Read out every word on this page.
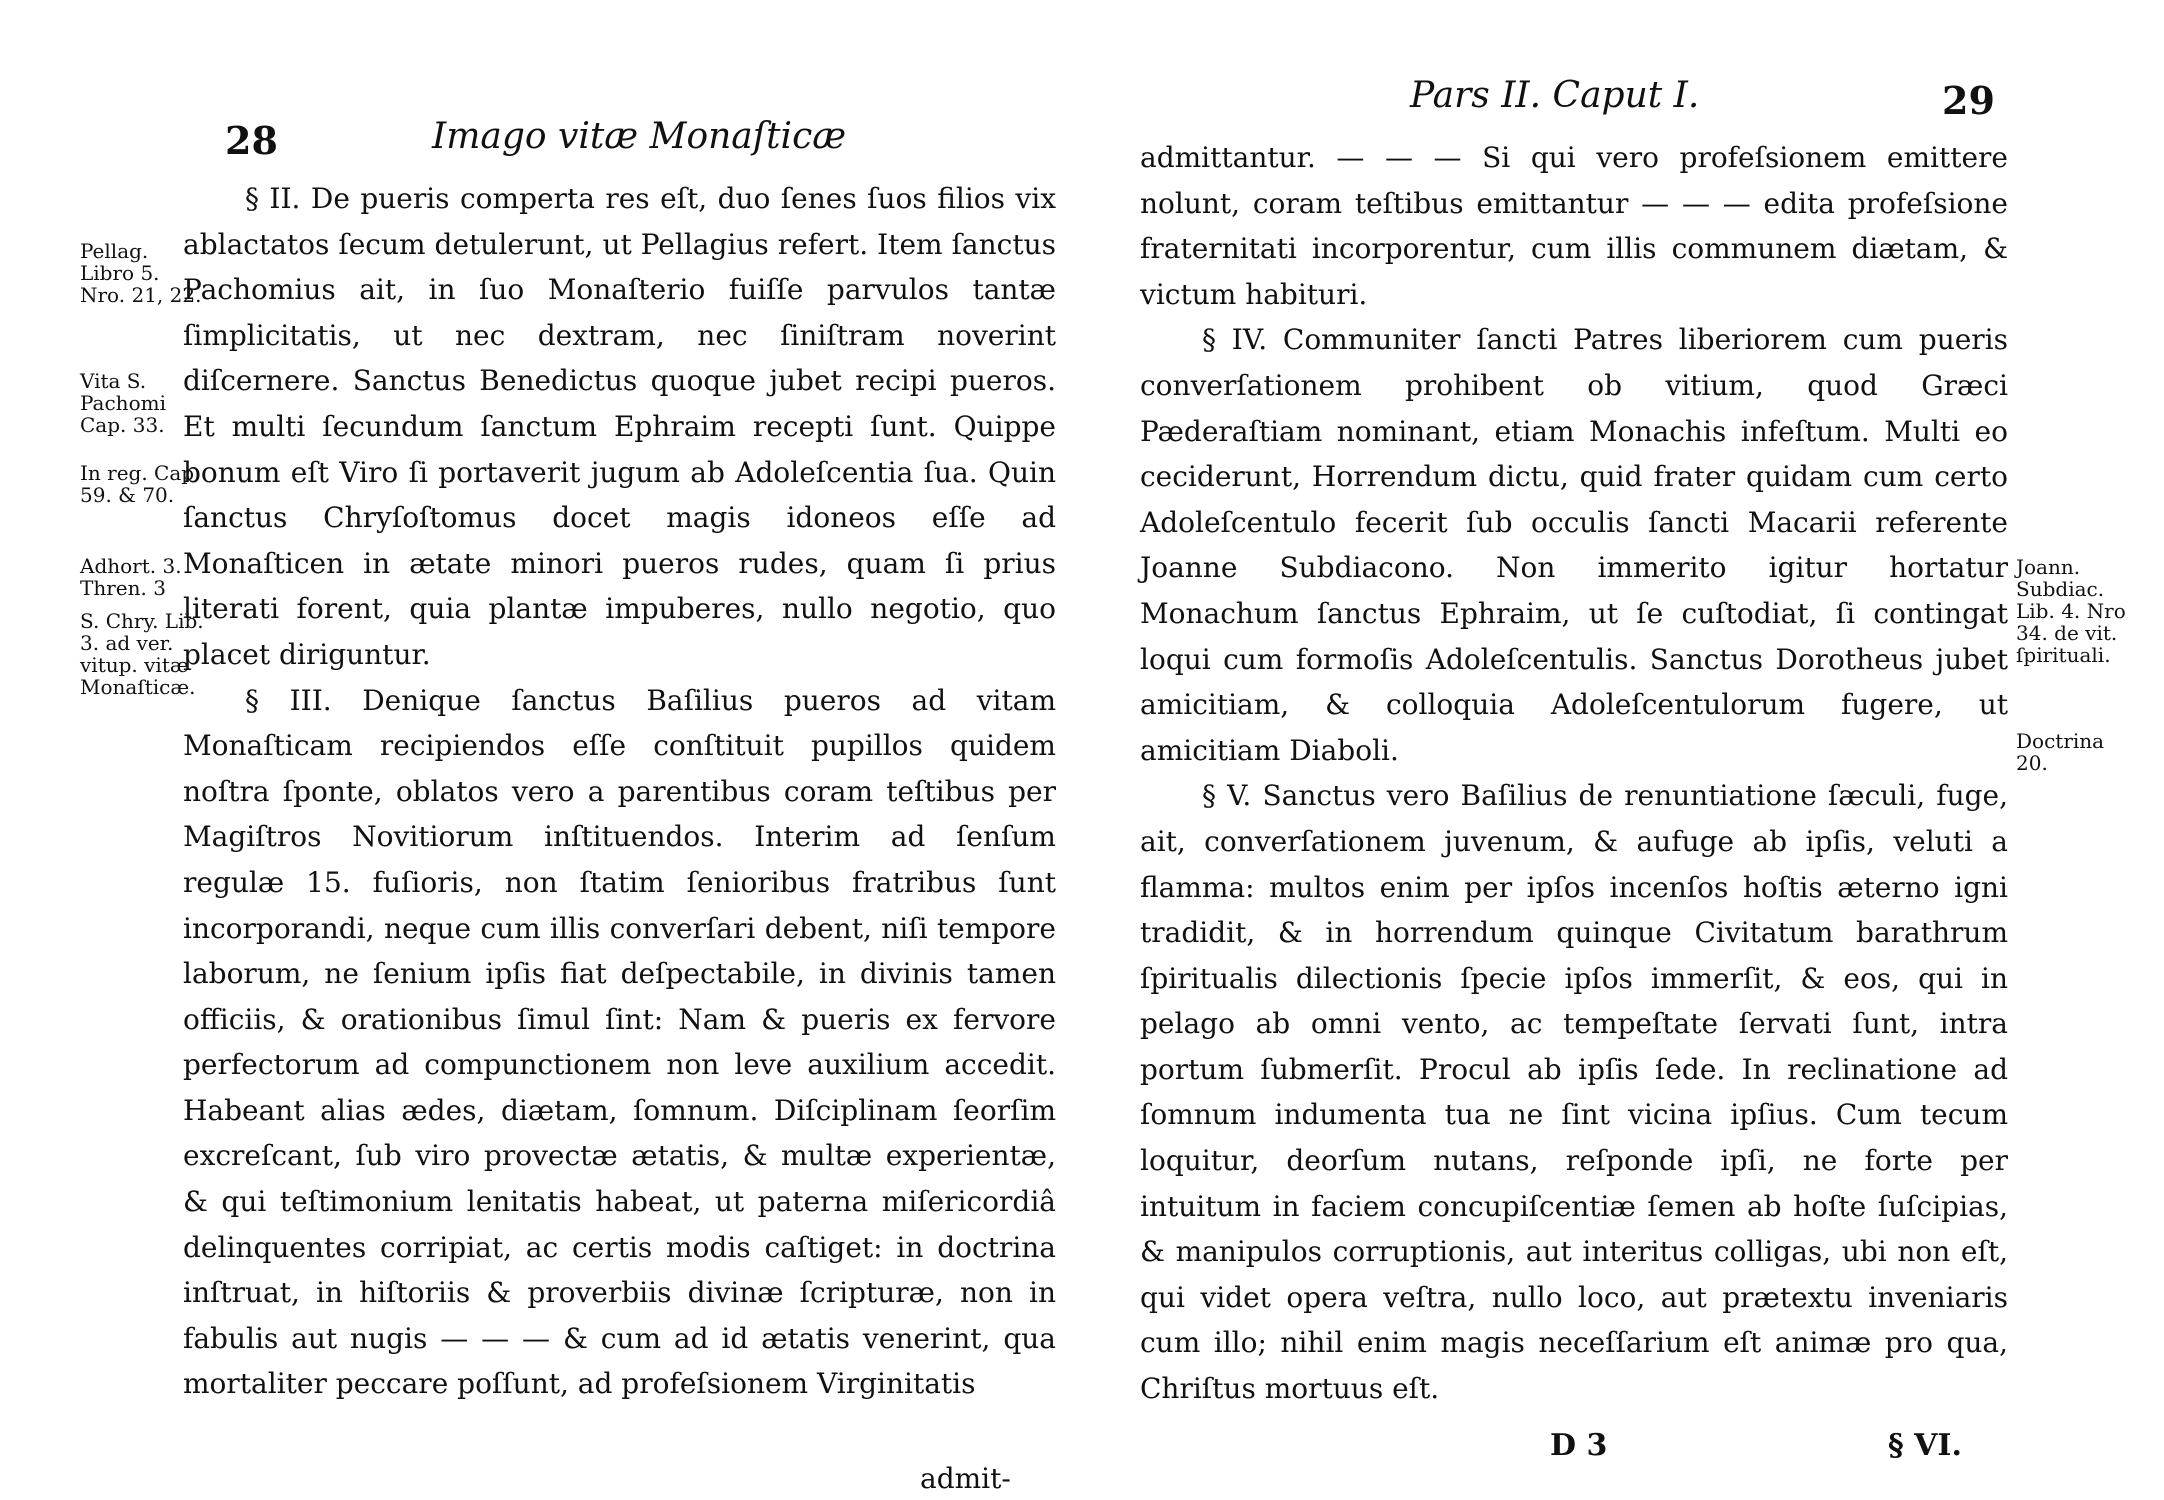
28	Imago vitæ Monaſticæ
Pellag. Libro 5. Nro. 21, 22.
Vita S. Pachomi Cap. 33.
In reg. Cap. 59. & 70.
Adhort. 3. Thren. 3
S. Chry. Lib. 3. ad ver. vitup. vitæ Monaſticæ.

§ II. De pueris comperta res eſt, duo ſenes ſuos filios vix ablactatos ſecum detulerunt, ut Pellagius refert. Item ſanctus Pachomius ait, in ſuo Monaſterio fuiſſe parvulos tantæ ſimplicitatis, ut nec dextram, nec ſiniſtram noverint diſcernere. Sanctus Benedictus quoque jubet recipi pueros. Et multi ſecundum ſanctum Ephraim recepti ſunt. Quippe bonum eſt Viro ſi portaverit jugum ab Adoleſcentia ſua. Quin ſanctus Chryſoſtomus docet magis idoneos eſſe ad Monaſticen in ætate minori pueros rudes, quam ſi prius literati forent, quia plantæ impuberes, nullo negotio, quo placet diriguntur.

§ III. Denique ſanctus Baſilius pueros ad vitam Monaſticam recipiendos eſſe conſtituit pupillos quidem noſtra ſponte, oblatos vero a parentibus coram teſtibus per Magiſtros Novitiorum inſtituendos. Interim ad ſenſum regulæ 15. fuſioris, non ſtatim ſenioribus fratribus ſunt incorporandi, neque cum illis converſari debent, niſi tempore laborum, ne ſenium ipſis fiat deſpectabile, in divinis tamen officiis, & orationibus ſimul ſint: Nam & pueris ex fervore perfectorum ad compunctionem non leve auxilium accedit. Habeant alias ædes, diætam, ſomnum. Diſciplinam ſeorſim excreſcant, ſub viro provectæ ætatis, & multæ experientæ, & qui teſtimonium lenitatis habeat, ut paterna miſericordiâ delinquentes corripiat, ac certis modis caſtiget: in doctrina inſtruat, in hiſtoriis & proverbiis divinæ ſcripturæ, non in fabulis aut nugis — — — & cum ad id ætatis venerint, qua mortaliter peccare poſſunt, ad profeſsionem Virginitatis

admit-
Pars II. Caput I.	29

admittantur. — — — Si qui vero profeſsionem emittere nolunt, coram teſtibus emittantur — — — edita profeſsione fraternitati incorporentur, cum illis communem diætam, & victum habituri.

§ IV. Communiter ſancti Patres liberiorem cum pueris converſationem prohibent ob vitium, quod Græci Pæderaſtiam nominant, etiam Monachis infeſtum. Multi eo ceciderunt, Horrendum dictu, quid frater quidam cum certo Adoleſcentulo fecerit ſub occulis ſancti Macarii referente Joanne Subdiacono. Non immerito igitur hortatur Monachum ſanctus Ephraim, ut ſe cuſtodiat, ſi contingat loqui cum formoſis Adoleſcentulis. Sanctus Dorotheus jubet amicitiam, & colloquia Adoleſcentulorum fugere, ut amicitiam Diaboli.

§ V. Sanctus vero Baſilius de renuntiatione ſæculi, fuge, ait, converſationem juvenum, & aufuge ab ipſis, veluti a flamma: multos enim per ipſos incenſos hoſtis æterno igni tradidit, & in horrendum quinque Civitatum barathrum ſpiritualis dilectionis ſpecie ipſos immerſit, & eos, qui in pelago ab omni vento, ac tempeſtate ſervati ſunt, intra portum ſubmerſit. Procul ab ipſis ſede. In reclinatione ad ſomnum indumenta tua ne ſint vicina ipſius. Cum tecum loquitur, deorſum nutans, reſponde ipſi, ne forte per intuitum in faciem concupiſcentiæ ſemen ab hoſte ſuſcipias, & manipulos corruptionis, aut interitus colligas, ubi non eſt, qui videt opera veſtra, nullo loco, aut prætextu inveniaris cum illo; nihil enim magis neceſſarium eſt animæ pro qua, Chriſtus mortuus eſt.

Joann. Subdiac. Lib. 4. Nro 34. de vit. ſpirituali.
Doctrina 20.
D 3	§ VI.
